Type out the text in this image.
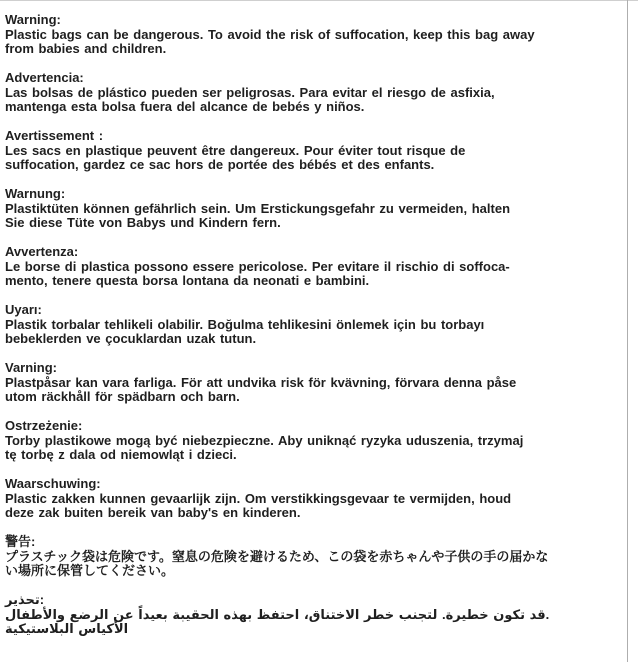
Warning:
Plastic bags can be dangerous. To avoid the risk of suffocation, keep this bag away
from babies and children.
Advertencia:
Las bolsas de plástico pueden ser peligrosas. Para evitar el riesgo de asfixia,
mantenga esta bolsa fuera del alcance de bebés y niños.
Avertissement :
Les sacs en plastique peuvent être dangereux. Pour éviter tout risque de
suffocation, gardez ce sac hors de portée des bébés et des enfants.
Warnung:
Plastiktüten können gefährlich sein. Um Erstickungsgefahr zu vermeiden, halten
Sie diese Tüte von Babys und Kindern fern.
Avvertenza:
Le borse di plastica possono essere pericolose. Per evitare il rischio di soffoca-
mento, tenere questa borsa lontana da neonati e bambini.
Uyarı:
Plastik torbalar tehlikeli olabilir. Boğulma tehlikesini önlemek için bu torbayı
bebeklerden ve çocuklardan uzak tutun.
Varning:
Plastpåsar kan vara farliga. För att undvika risk för kvävning, förvara denna påse
utom räckhåll för spädbarn och barn.
Ostrzeżenie:
Torby plastikowe mogą być niebezpieczne. Aby uniknąć ryzyka uduszenia, trzymaj
tę torbę z dala od niemowląt i dzieci.
Waarschuwing:
Plastic zakken kunnen gevaarlijk zijn. Om verstikkingsgevaar te vermijden, houd
deze zak buiten bereik van baby's en kinderen.
警告:
プラスチック袋は危険です。窒息の危険を避けるため、この袋を赤ちゃんや子供の手の届かな
い場所に保管してください。
تحذير:
قد تكون خطيرة. لتجنب خطر الاختناق، احتفظ بهذه الحقيبة بعيداً عن الرضع والأطفال.
الأكياس البلاستيكية
